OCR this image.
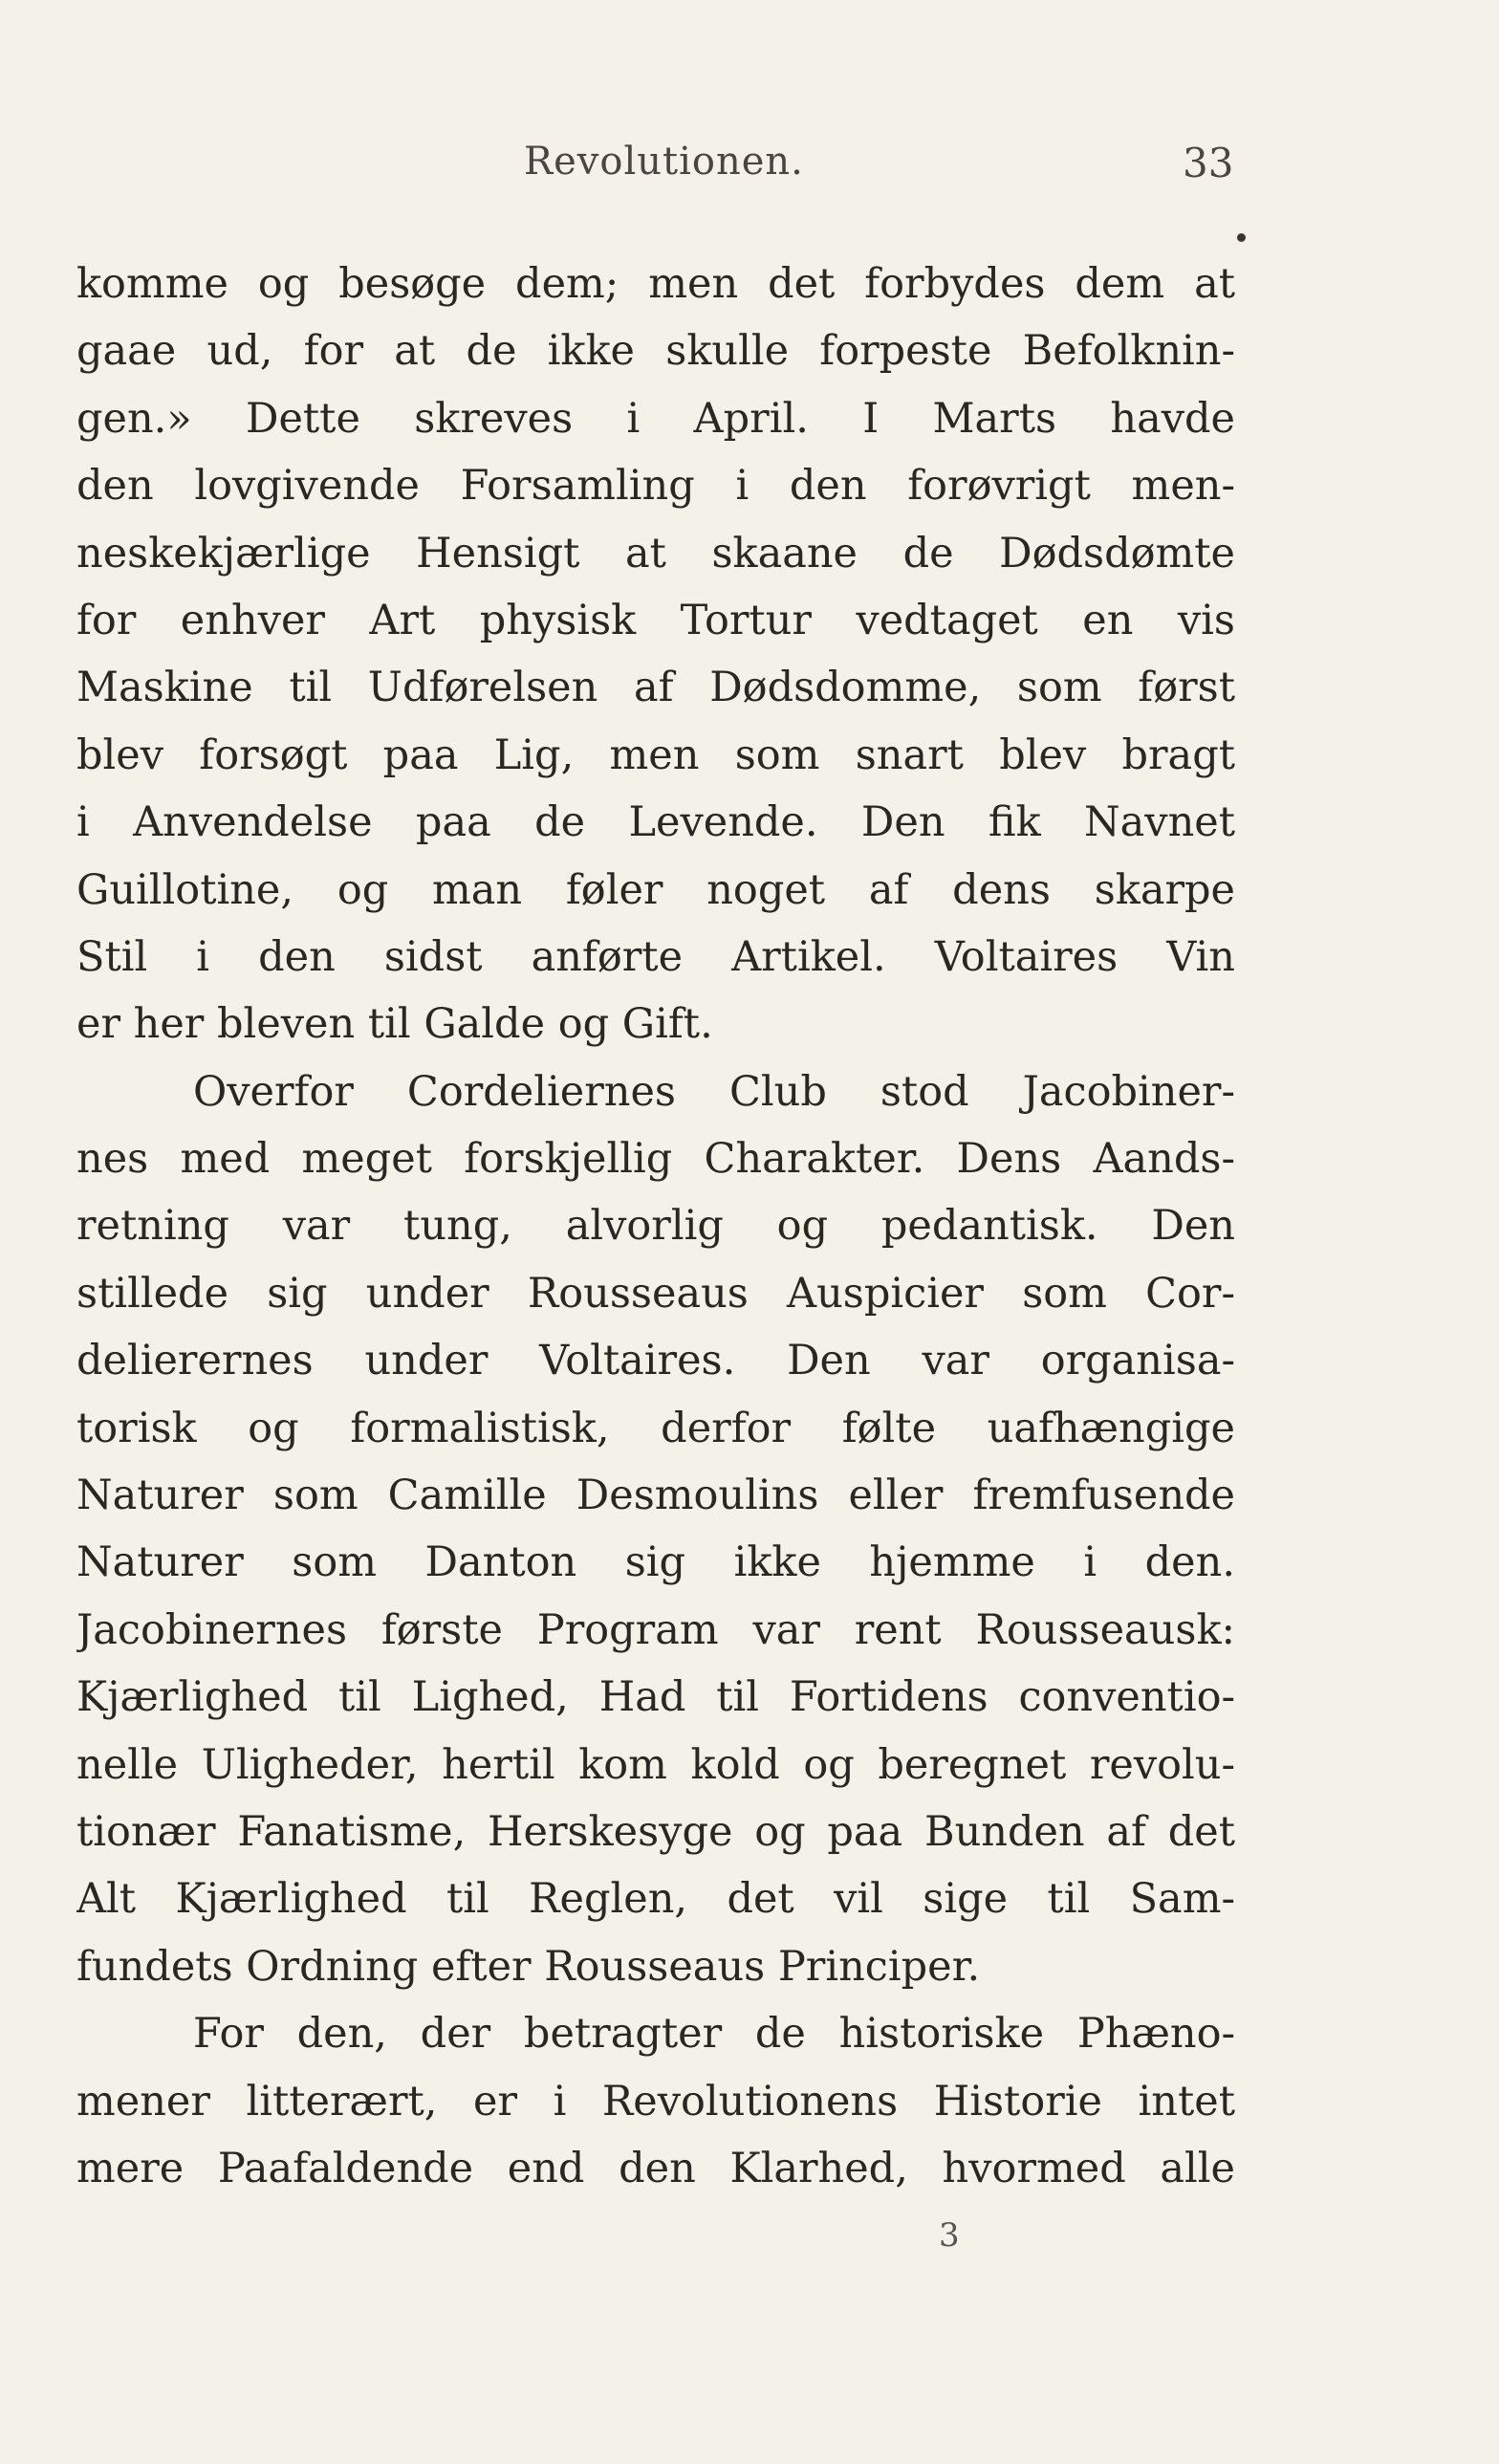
Revolutionen.	33
komme og besøge dem; men det forbydes dem at
gaae ud, for at de ikke skulle forpeste Befolknin-
gen.» Dette skreves i April. I Marts havde
den lovgivende Forsamling i den forøvrigt men-
neskekjærlige Hensigt at skaane de Dødsdømte
for enhver Art physisk Tortur vedtaget en vis
Maskine til Udførelsen af Dødsdomme, som først
blev forsøgt paa Lig, men som snart blev bragt
i Anvendelse paa de Levende. Den fik Navnet
Guillotine, og man føler noget af dens skarpe
Stil i den sidst anførte Artikel. Voltaires Vin
er her bleven til Galde og Gift.
Overfor Cordeliernes Club stod Jacobiner-
nes med meget forskjellig Charakter. Dens Aands-
retning var tung, alvorlig og pedantisk. Den
stillede sig under Rousseaus Auspicier som Cor-
delierernes under Voltaires. Den var organisa-
torisk og formalistisk, derfor følte uafhængige
Naturer som Camille Desmoulins eller fremfusende
Naturer som Danton sig ikke hjemme i den.
Jacobinernes første Program var rent Rousseausk:
Kjærlighed til Lighed, Had til Fortidens conventio-
nelle Uligheder, hertil kom kold og beregnet revolu-
tionær Fanatisme, Herskesyge og paa Bunden af det
Alt Kjærlighed til Reglen, det vil sige til Sam-
fundets Ordning efter Rousseaus Principer.
For den, der betragter de historiske Phæno-
mener litterært, er i Revolutionens Historie intet
mere Paafaldende end den Klarhed, hvormed alle
3
